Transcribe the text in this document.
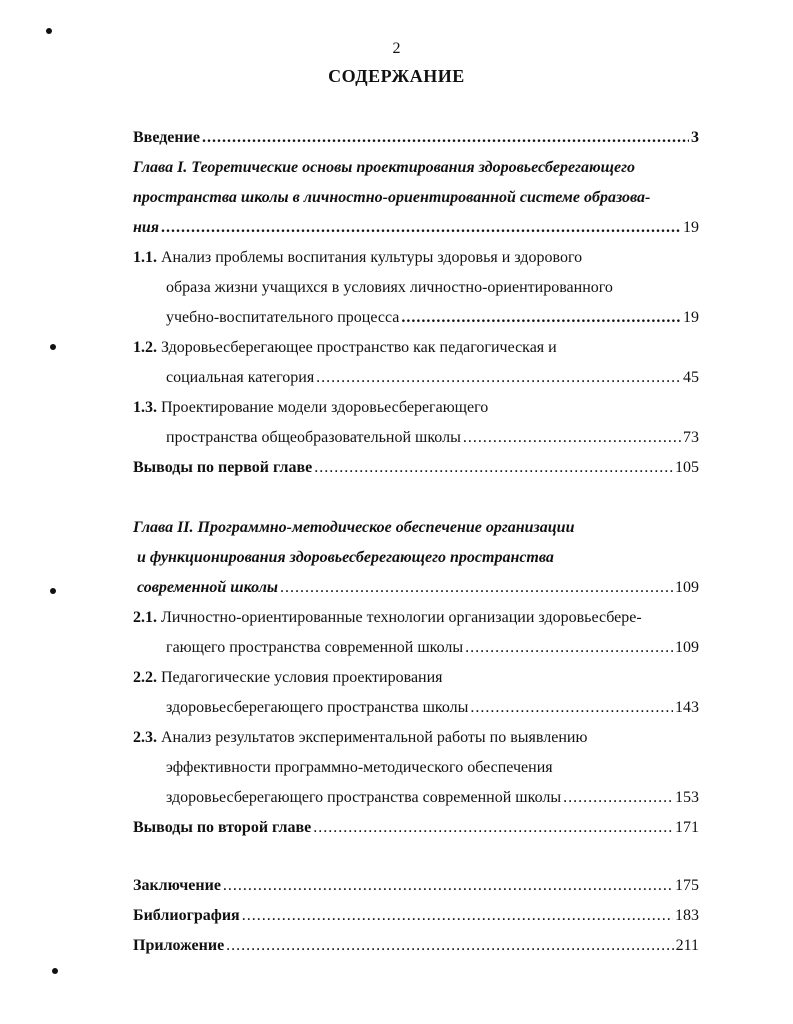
2
СОДЕРЖАНИЕ
Введение .....	3
Глава I. Теоретические основы проектирования здоровьесберегающего
пространства школы в личностно-ориентированной системе образова-
ния .....	19
1.1. Анализ проблемы воспитания культуры здоровья и здорового
образа жизни учащихся в условиях личностно-ориентированного
учебно-воспитательного процесса .....	19
1.2. Здоровьесберегающее пространство как педагогическая и
социальная категория .....	45
1.3. Проектирование модели здоровьесберегающего
пространства общеобразовательной школы .....	73
Выводы по первой главе .....	105
Глава II. Программно-методическое обеспечение организации
и функционирования здоровьесберегающего пространства
современной школы .....	109
2.1. Личностно-ориентированные технологии организации здоровьесбере-
гающего пространства современной школы .....	109
2.2. Педагогические условия проектирования
здоровьесберегающего пространства школы .....	143
2.3. Анализ результатов экспериментальной работы по выявлению
эффективности программно-методического обеспечения
здоровьесберегающего пространства современной школы .....	153
Выводы по второй главе .....	171
Заключение .....	175
Библиография .....	183
Приложение .....	211
